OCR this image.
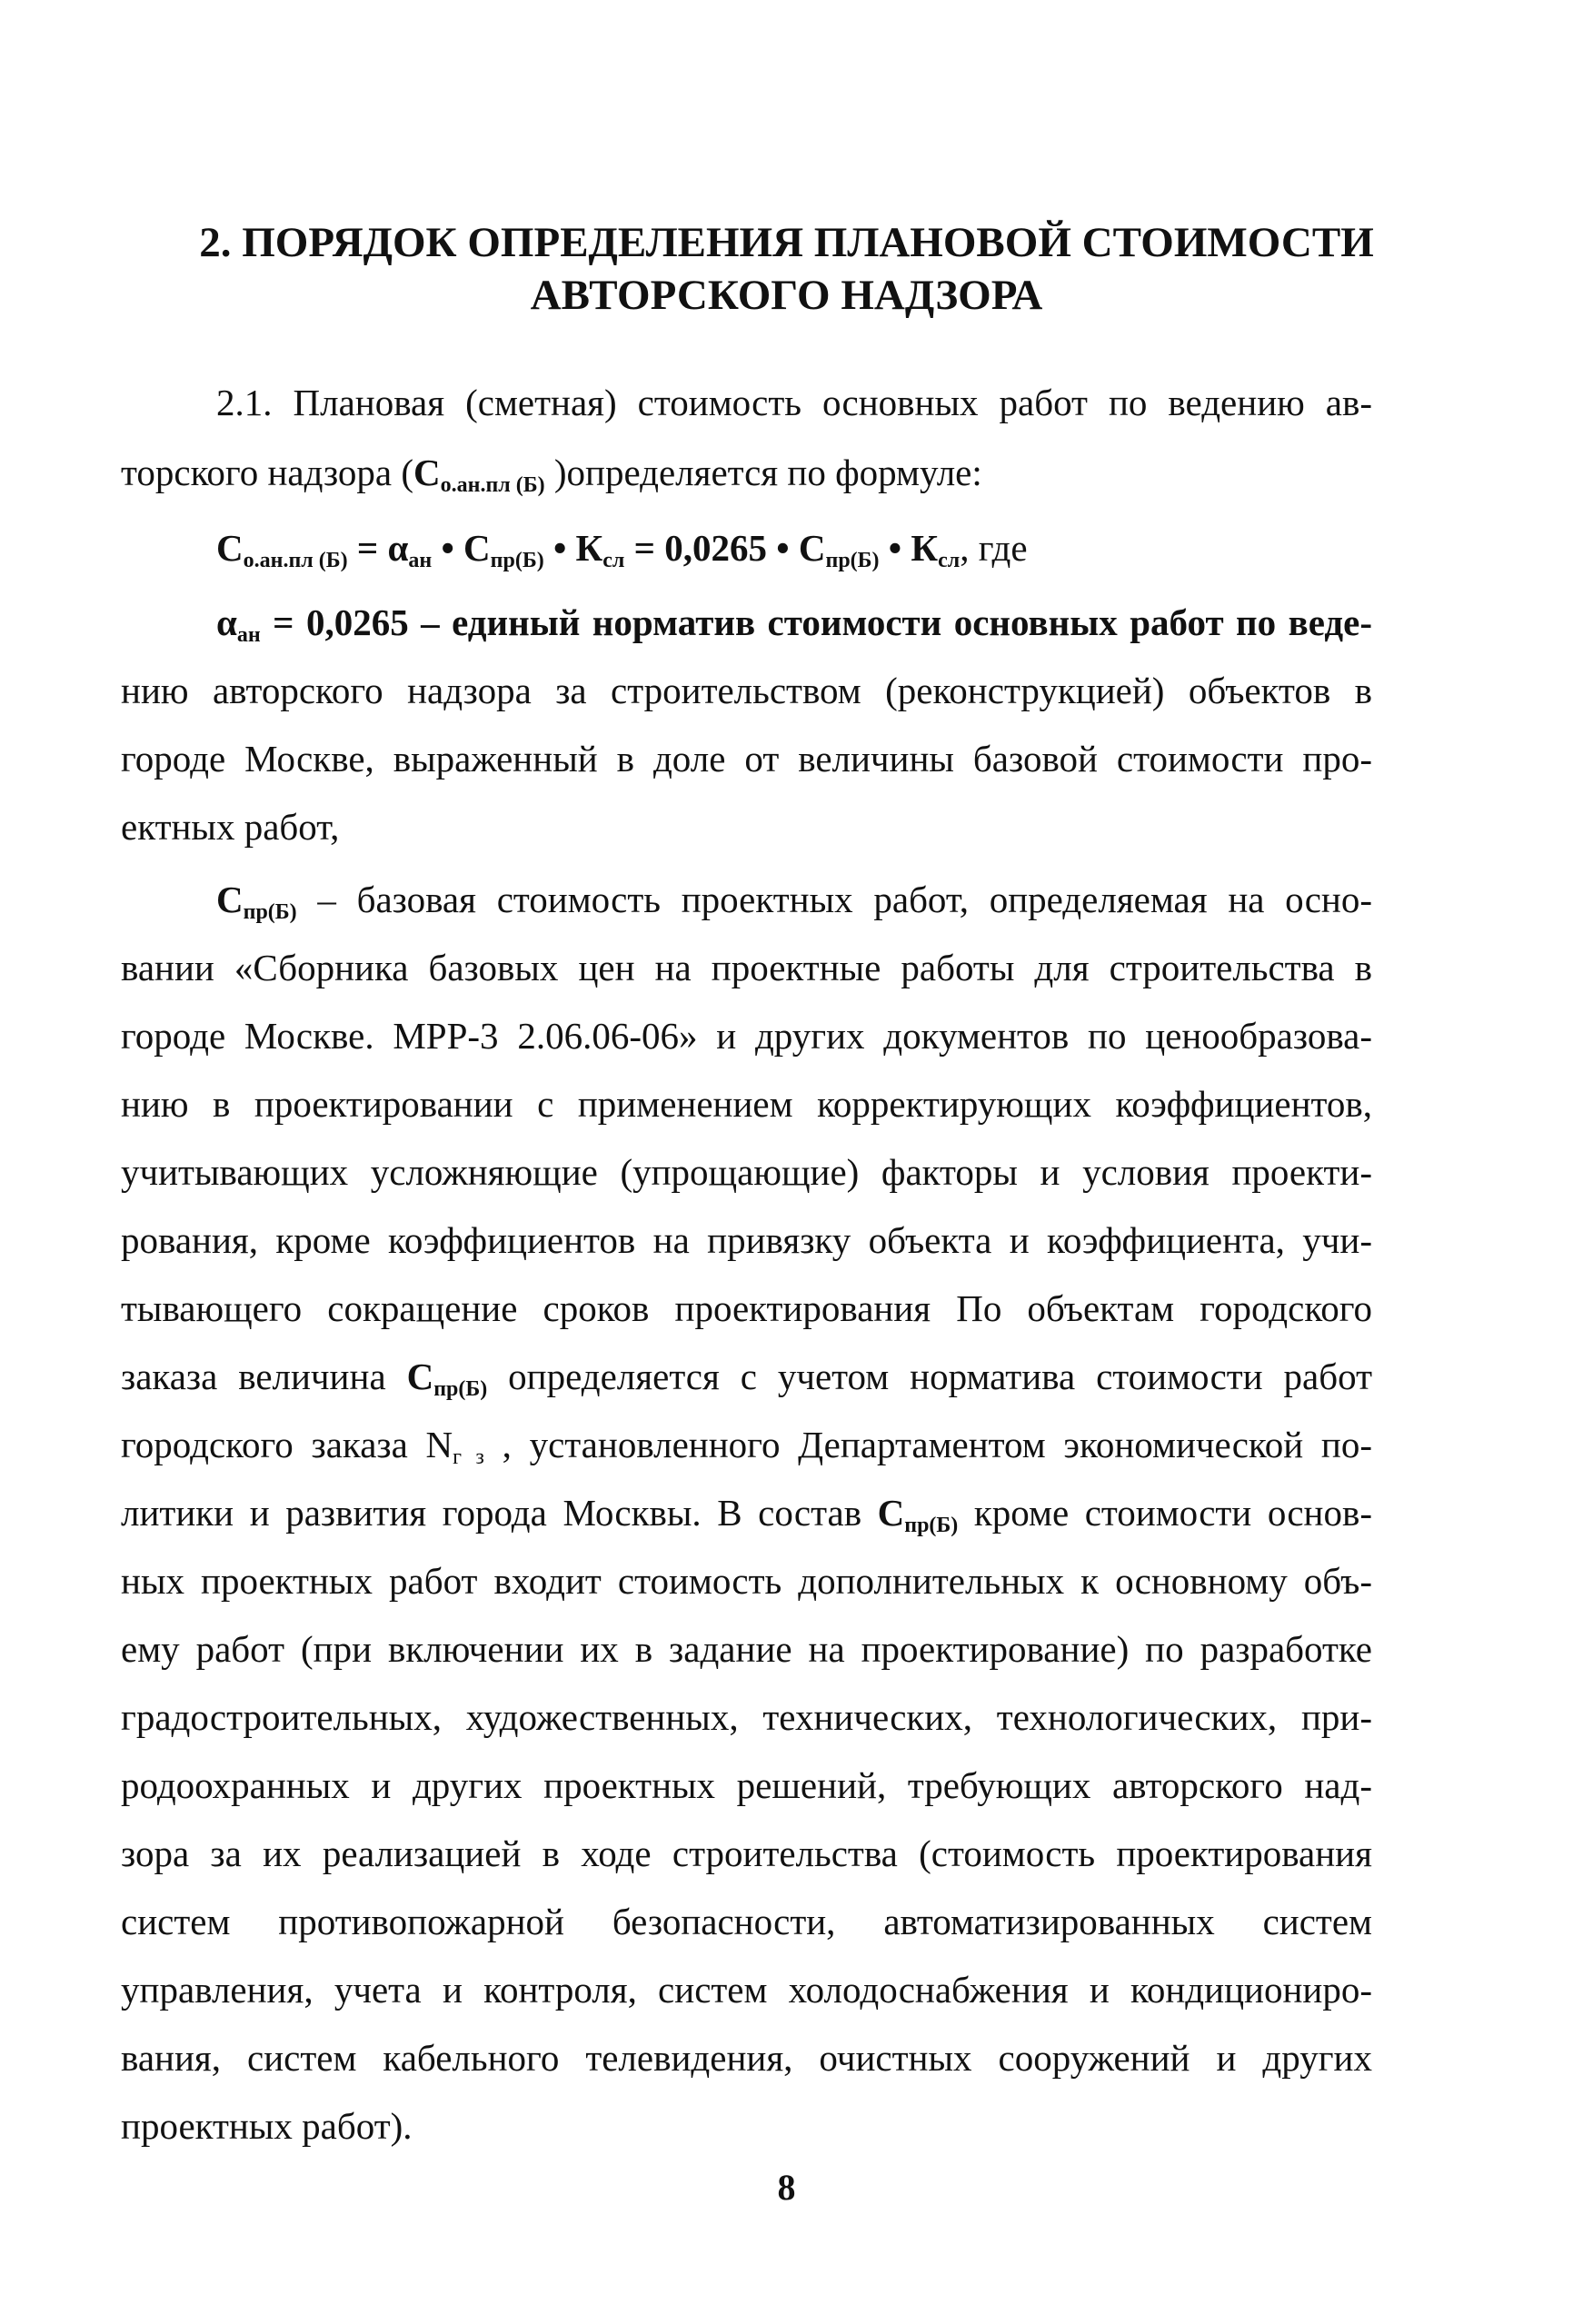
2. ПОРЯДОК ОПРЕДЕЛЕНИЯ ПЛАНОВОЙ СТОИМОСТИ
АВТОРСКОГО НАДЗОРА
2.1. Плановая (сметная) стоимость основных работ по ведению ав-
торского надзора ($С_{о.ан.пл (Б)}$ )определяется по формуле:
$С_{о.ан.пл (Б)} = \alpha_{ан}$ • $С_{пр(Б)}$ • $К_{сл} = 0,0265$ • $С_{пр(Б)}$ • $К_{сл}$, где
$\alpha_{ан} = 0,0265$ – единый норматив стоимости основных работ по веде-
нию авторского надзора за строительством (реконструкцией) объектов в
городе Москве, выраженный в доле от величины базовой стоимости про-
ектных работ,
$С_{пр(Б)}$ – базовая стоимость проектных работ, определяемая на осно-
вании «Сборника базовых цен на проектные работы для строительства в
городе Москве. МРР-3 2.06.06-06» и других документов по ценообразова-
нию в проектировании с применением корректирующих коэффициентов,
учитывающих усложняющие (упрощающие) факторы и условия проекти-
рования, кроме коэффициентов на привязку объекта и коэффициента, учи-
тывающего сокращение сроков проектирования По объектам городского
заказа величина $С_{пр(Б)}$ определяется с учетом норматива стоимости работ
городского заказа Nг з , установленного Департаментом экономической по-
литики и развития города Москвы. В состав $С_{пр(Б)}$ кроме стоимости основ-
ных проектных работ входит стоимость дополнительных к основному объ-
ему работ (при включении их в задание на проектирование) по разработке
градостроительных, художественных, технических, технологических, при-
родоохранных и других проектных решений, требующих авторского над-
зора за их реализацией в ходе строительства (стоимость проектирования
систем противопожарной безопасности, автоматизированных систем
управления, учета и контроля, систем холодоснабжения и кондициониро-
вания, систем кабельного телевидения, очистных сооружений и других
проектных работ).
8
